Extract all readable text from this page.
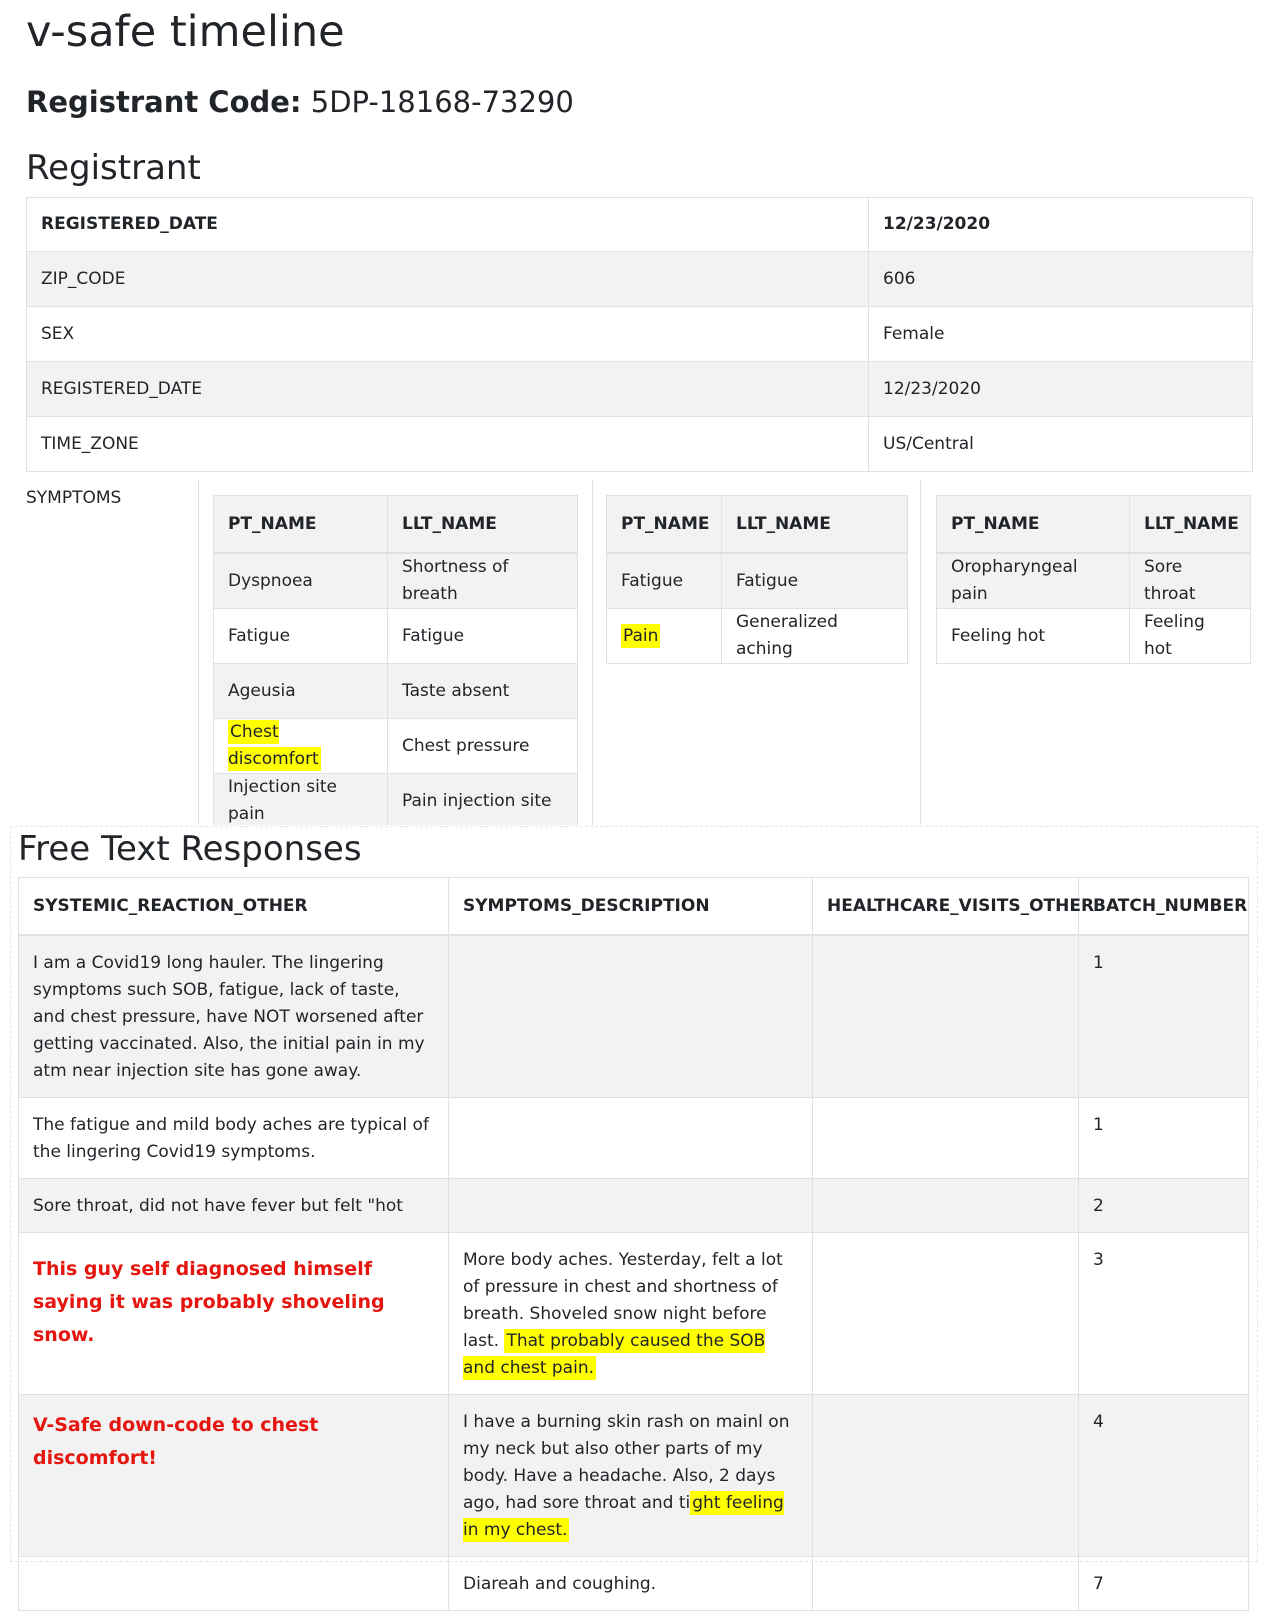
v-safe timeline
Registrant Code: 5DP-18168-73290
Registrant
REGISTERED_DATE	12/23/2020
ZIP_CODE	606
SEX	Female
REGISTERED_DATE	12/23/2020
TIME_ZONE	US/Central
SYMPTOMS
PT_NAME	LLT_NAME
Dyspnoea	Shortness of breath
Fatigue	Fatigue
Ageusia	Taste absent
Chest discomfort	Chest pressure
Injection site pain	Pain injection site
PT_NAME	LLT_NAME
Fatigue	Fatigue
Pain	Generalized aching
PT_NAME	LLT_NAME
Oropharyngeal pain	Sore throat
Feeling hot	Feeling hot
Free Text Responses
SYSTEMIC_REACTION_OTHER	SYMPTOMS_DESCRIPTION	HEALTHCARE_VISITS_OTHER	BATCH_NUMBER
I am a Covid19 long hauler. The lingering symptoms such SOB, fatigue, lack of taste, and chest pressure, have NOT worsened after getting vaccinated. Also, the initial pain in my atm near injection site has gone away.			1
The fatigue and mild body aches are typical of the lingering Covid19 symptoms.			1
Sore throat, did not have fever but felt "hot			2

This guy self diagnosed himself saying it was probably shoveling snow.	More body aches. Yesterday, felt a lot of pressure in chest and shortness of breath. Shoveled snow night before last. That probably caused the SOB and chest pain.		3

V-Safe down-code to chest discomfort!	I have a burning skin rash on mainl on my neck but also other parts of my body. Have a headache. Also, 2 days ago, had sore throat and ti ght feeling in my chest.		4
	Diareah and coughing.		7
